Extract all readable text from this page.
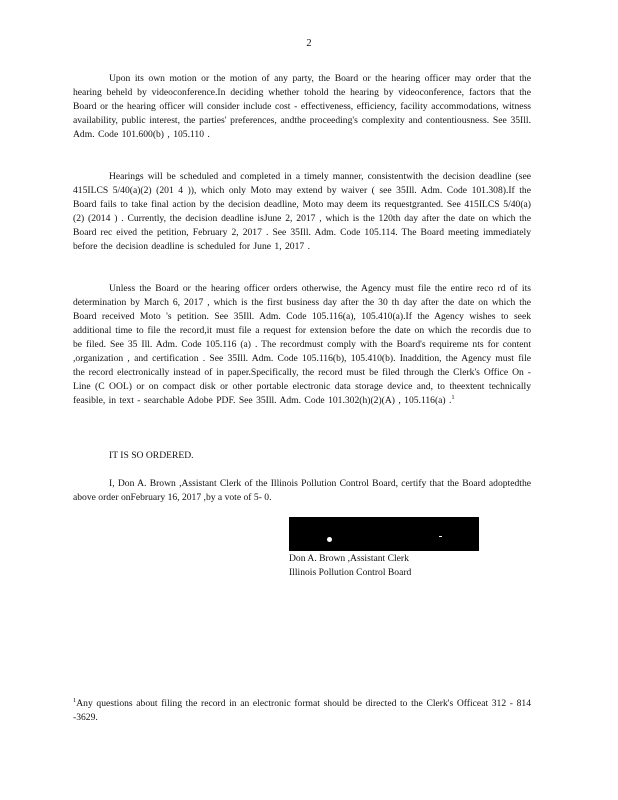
2

Upon its own motion or the motion of any party, the Board or the hearing officer may order that the hearing beheld by videoconference.In deciding whether tohold the hearing by videoconference, factors that the Board or the hearing officer will consider include cost - effectiveness, efficiency, facility accommodations, witness availability, public interest, the parties' preferences, andthe proceeding's complexity and contentiousness. See 35Ill. Adm. Code 101.600(b) , 105.110 .

Hearings will be scheduled and completed in a timely manner, consistentwith the decision deadline (see 415ILCS 5/40(a)(2) (201 4 )), which only Moto may extend by waiver ( see 35Ill. Adm. Code 101.308).If the Board fails to take final action by the decision deadline, Moto may deem its requestgranted. See 415ILCS 5/40(a)(2) (2014 ) . Currently, the decision deadline isJune 2, 2017 , which is the 120th day after the date on which the Board rec eived the petition, February 2, 2017 . See 35Ill. Adm. Code 105.114. The Board meeting immediately before the decision deadline is scheduled for June 1, 2017 .

Unless the Board or the hearing officer orders otherwise, the Agency must file the entire reco rd of its determination by March 6, 2017 , which is the first business day after the 30 th day after the date on which the Board received Moto 's petition. See 35Ill. Adm. Code 105.116(a), 105.410(a).If the Agency wishes to seek additional time to file the record,it must file a request for extension before the date on which the recordis due to be filed. See 35 Ill. Adm. Code 105.116 (a) . The recordmust comply with the Board's requireme nts for content ,organization , and certification . See 35Ill. Adm. Code 105.116(b), 105.410(b). Inaddition, the Agency must file the record electronically instead of in paper.Specifically, the record must be filed through the Clerk's Office On - Line (C OOL) or on compact disk or other portable electronic data storage device and, to theextent technically feasible, in text - searchable Adobe PDF. See 35Ill. Adm. Code 101.302(h)(2)(A) , 105.116(a) .$^1$

IT IS SO ORDERED.

I, Don A. Brown ,Assistant Clerk of the Illinois Pollution Control Board, certify that the Board adoptedthe above order onFebruary 16, 2017 ,by a vote of 5- 0.

Don A. Brown ,Assistant Clerk
Illinois Pollution Control Board

$^1$Any questions about filing the record in an electronic format should be directed to the Clerk's Officeat 312 - 814 -3629.
